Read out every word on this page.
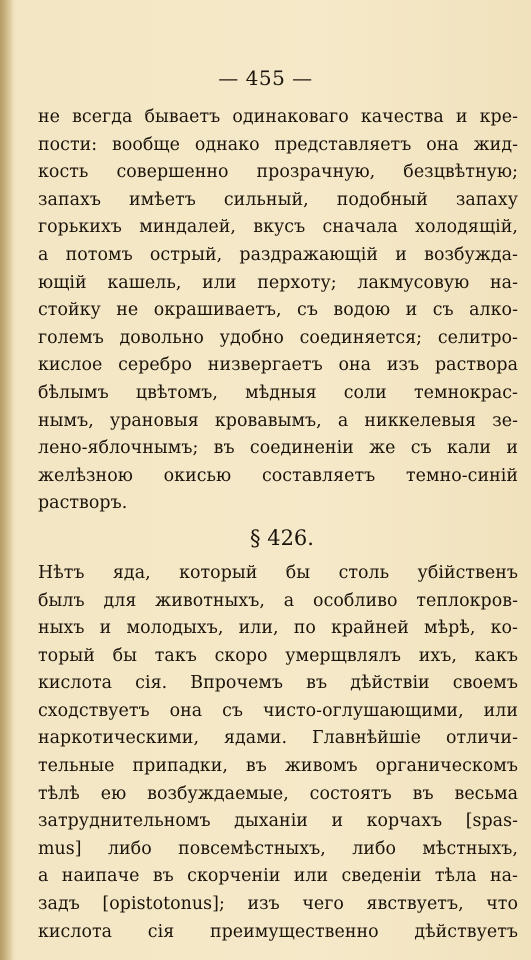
— 455 —
не всегда бываетъ одинаковаго качества и кре-
пости: вообще однако представляетъ она жид-
кость совершенно прозрачную, безцвѣтную;
запахъ имѣетъ сильный, подобный запаху
горькихъ миндалей, вкусъ сначала холодящій,
а потомъ острый, раздражающій и возбужда-
ющій кашель, или перхоту; лакмусовую на-
стойку не окрашиваетъ, съ водою и съ алко-
големъ довольно удобно соединяется; селитро-
кислое серебро низвергаетъ она изъ раствора
бѣлымъ цвѣтомъ, мѣдныя соли темнокрас-
нымъ, урановыя кровавымъ, а никкелевыя зе-
лено-яблочнымъ; въ соединеніи же съ кали и
желѣзною окисью составляетъ темно-синій
растворъ.
§ 426.
Нѣтъ яда, который бы столь убійственъ
былъ для животныхъ, а особливо теплокров-
ныхъ и молодыхъ, или, по крайней мѣрѣ, ко-
торый бы такъ скоро умерщвлялъ ихъ, какъ
кислота сія. Впрочемъ въ дѣйствіи своемъ
сходствуетъ она съ чисто-оглушающими, или
наркотическими, ядами. Главнѣйшіе отличи-
тельные припадки, въ живомъ органическомъ
тѣлѣ ею возбуждаемые, состоятъ въ весьма
затруднительномъ дыханіи и корчахъ [spas-
mus] либо повсемѣстныхъ, либо мѣстныхъ,
а наипаче въ скорченіи или сведеніи тѣла на-
задъ [opistotonus]; изъ чего явствуетъ, что
кислота сія преимущественно дѣйствуетъ
